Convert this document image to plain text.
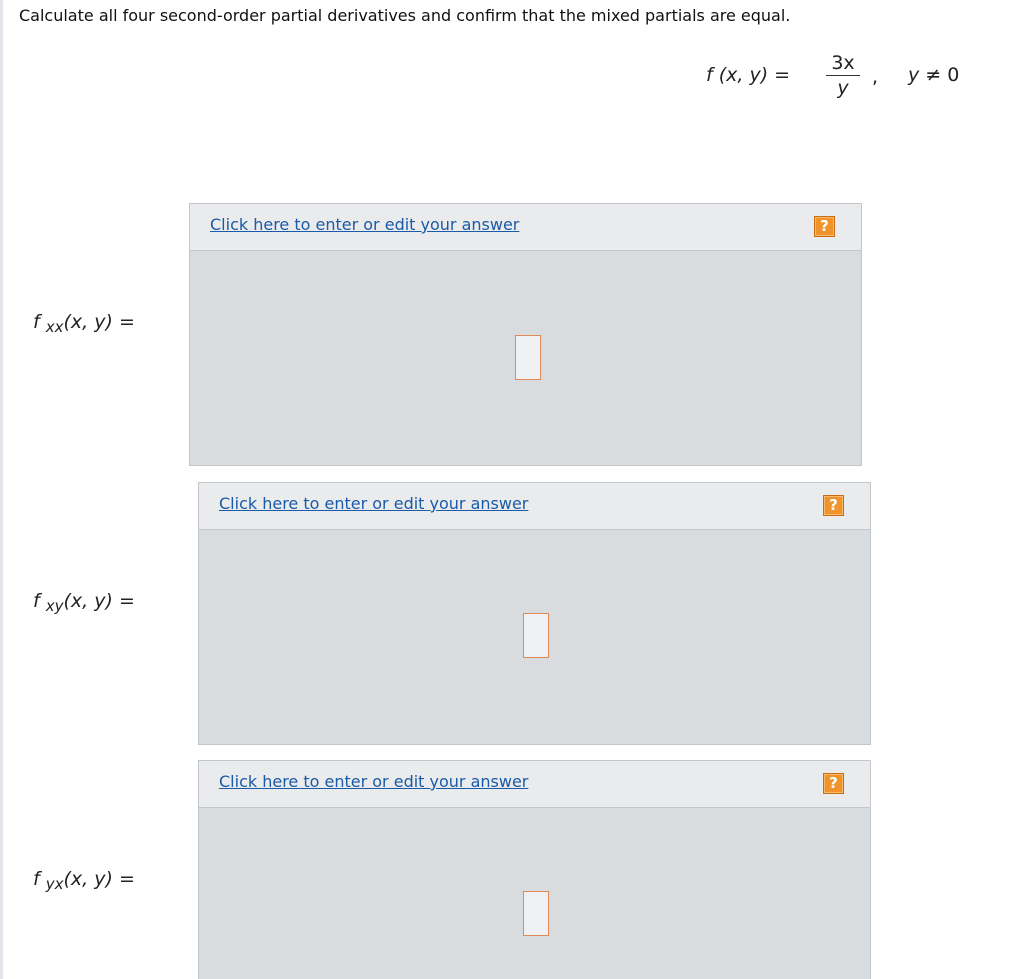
Calculate all four second-order partial derivatives and confirm that the mixed partials are equal.
f (x, y) =
3x
y	, y ≠ 0
f $_{xx}$(x, y) =
Click here to enter or edit your answer	?
f $_{xy}$(x, y) =
Click here to enter or edit your answer	?
f $_{yx}$(x, y) =
Click here to enter or edit your answer	?
